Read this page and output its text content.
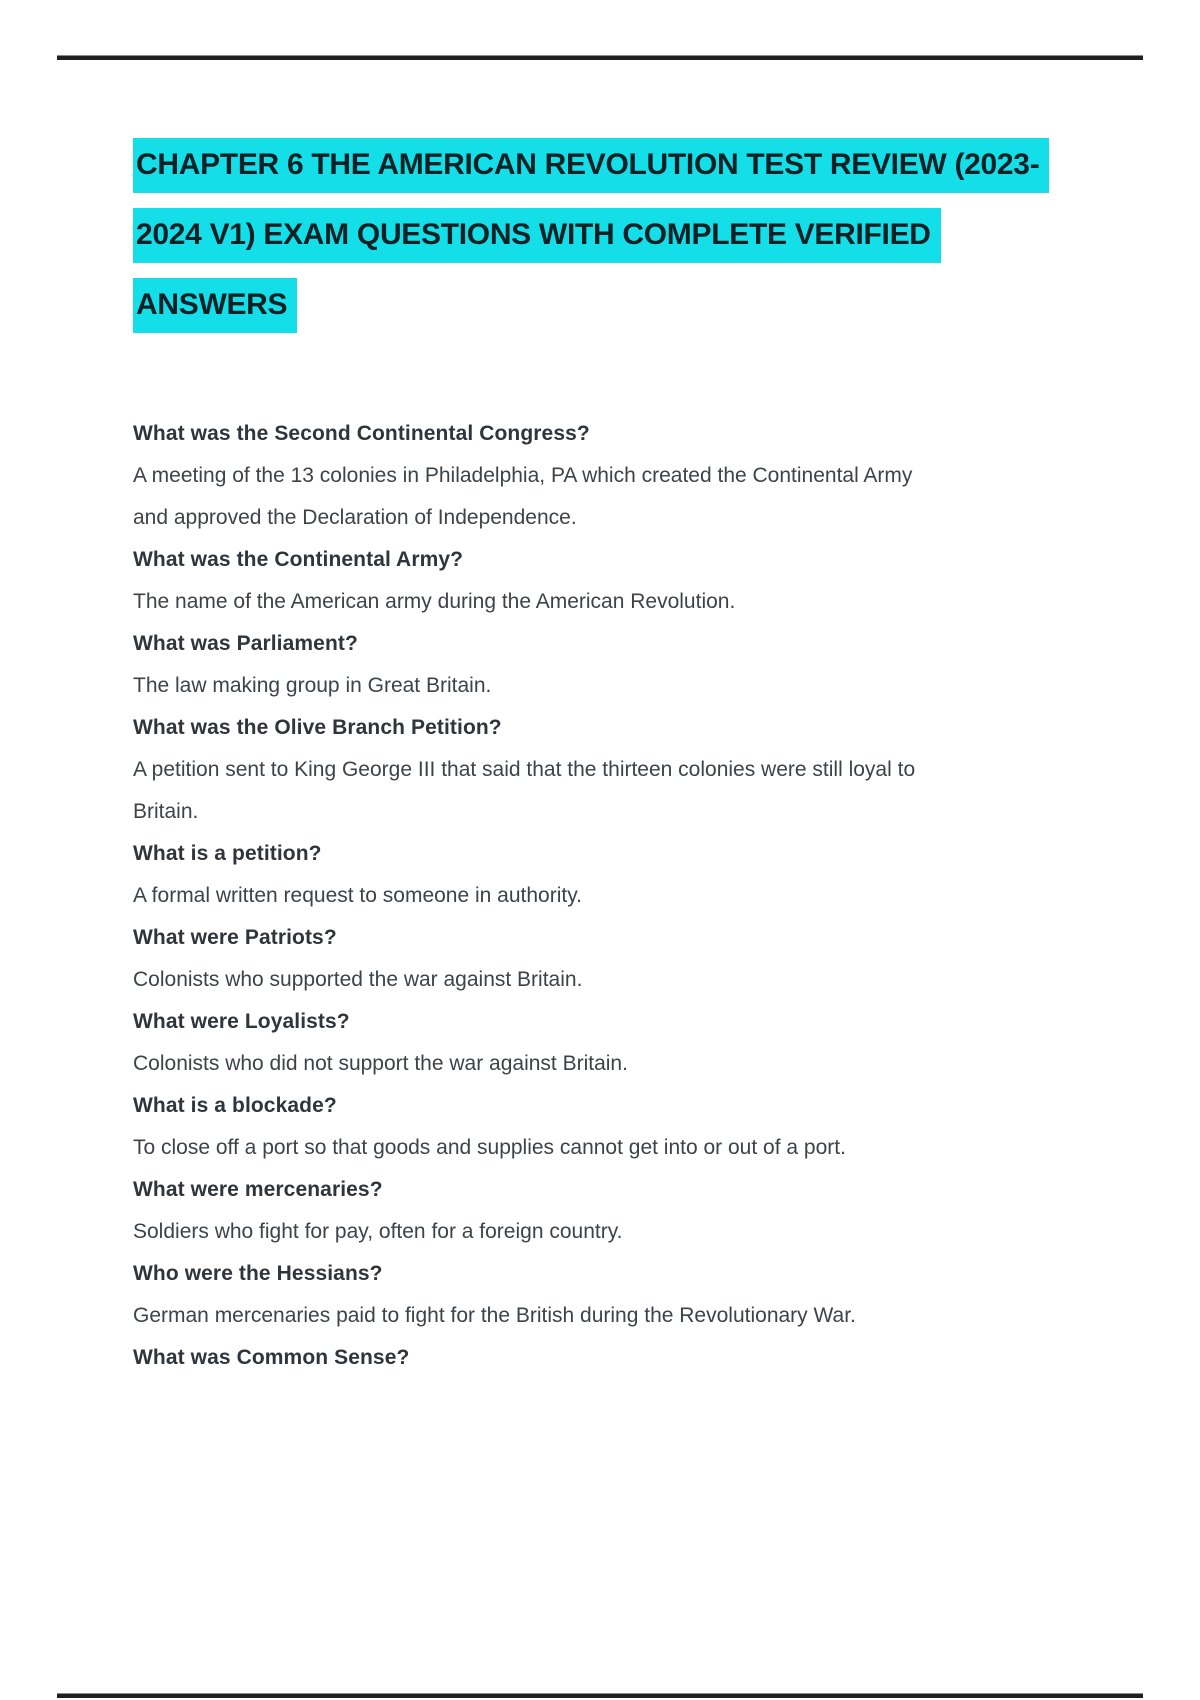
CHAPTER 6 THE AMERICAN REVOLUTION TEST REVIEW (2023-
2024 V1) EXAM QUESTIONS WITH COMPLETE VERIFIED
ANSWERS

What was the Second Continental Congress?

A meeting of the 13 colonies in Philadelphia, PA which created the Continental Army

and approved the Declaration of Independence.

What was the Continental Army?

The name of the American army during the American Revolution.

What was Parliament?

The law making group in Great Britain.

What was the Olive Branch Petition?

A petition sent to King George III that said that the thirteen colonies were still loyal to

Britain.

What is a petition?

A formal written request to someone in authority.

What were Patriots?

Colonists who supported the war against Britain.

What were Loyalists?

Colonists who did not support the war against Britain.

What is a blockade?

To close off a port so that goods and supplies cannot get into or out of a port.

What were mercenaries?

Soldiers who fight for pay, often for a foreign country.

Who were the Hessians?

German mercenaries paid to fight for the British during the Revolutionary War.

What was Common Sense?
